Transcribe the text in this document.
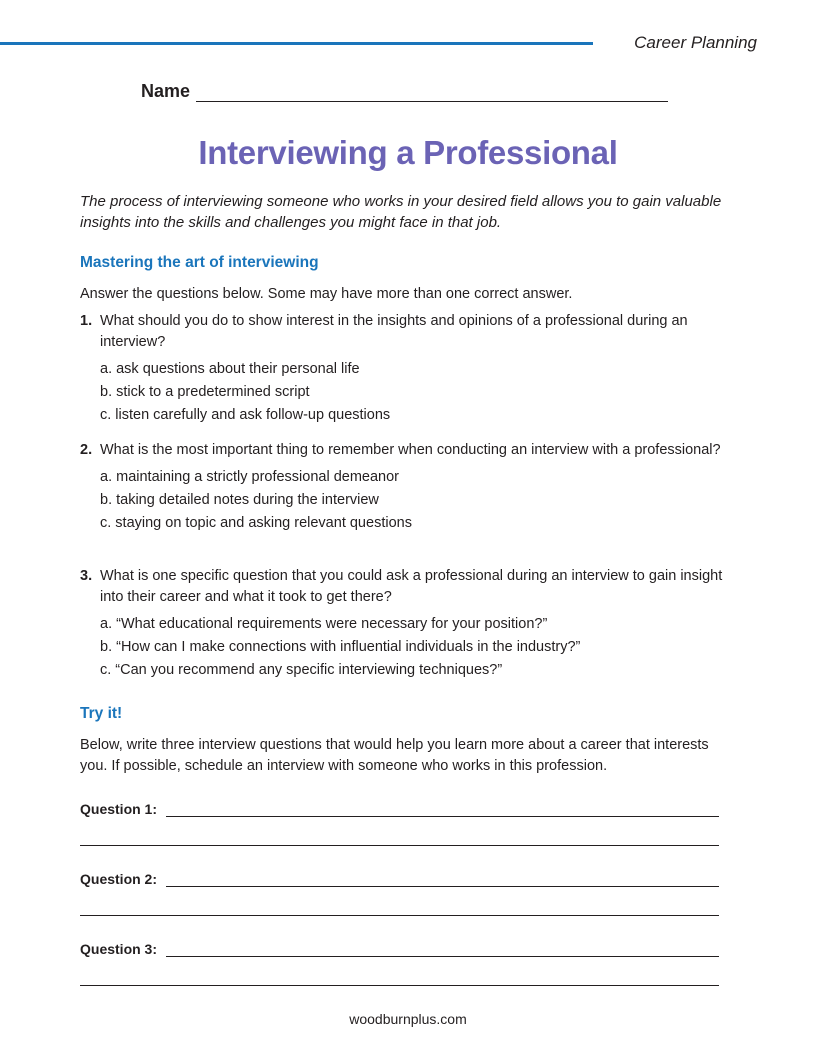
Career Planning
Name
Interviewing a Professional

The process of interviewing someone who works in your desired field allows you to gain valuable insights into the skills and challenges you might face in that job.

Mastering the art of interviewing

Answer the questions below. Some may have more than one correct answer.

1. What should you do to show interest in the insights and opinions of a professional during an interview?
a. ask questions about their personal life
b. stick to a predetermined script
c. listen carefully and ask follow-up questions
2. What is the most important thing to remember when conducting an interview with a professional?
a. maintaining a strictly professional demeanor
b. taking detailed notes during the interview
c. staying on topic and asking relevant questions
3. What is one specific question that you could ask a professional during an interview to gain insight into their career and what it took to get there?
a. “What educational requirements were necessary for your position?”
b. “How can I make connections with influential individuals in the industry?”
c. “Can you recommend any specific interviewing techniques?”
Try it!

Below, write three interview questions that would help you learn more about a career that interests you. If possible, schedule an interview with someone who works in this profession.

Question 1:
Question 2:
Question 3:
woodburnplus.com
